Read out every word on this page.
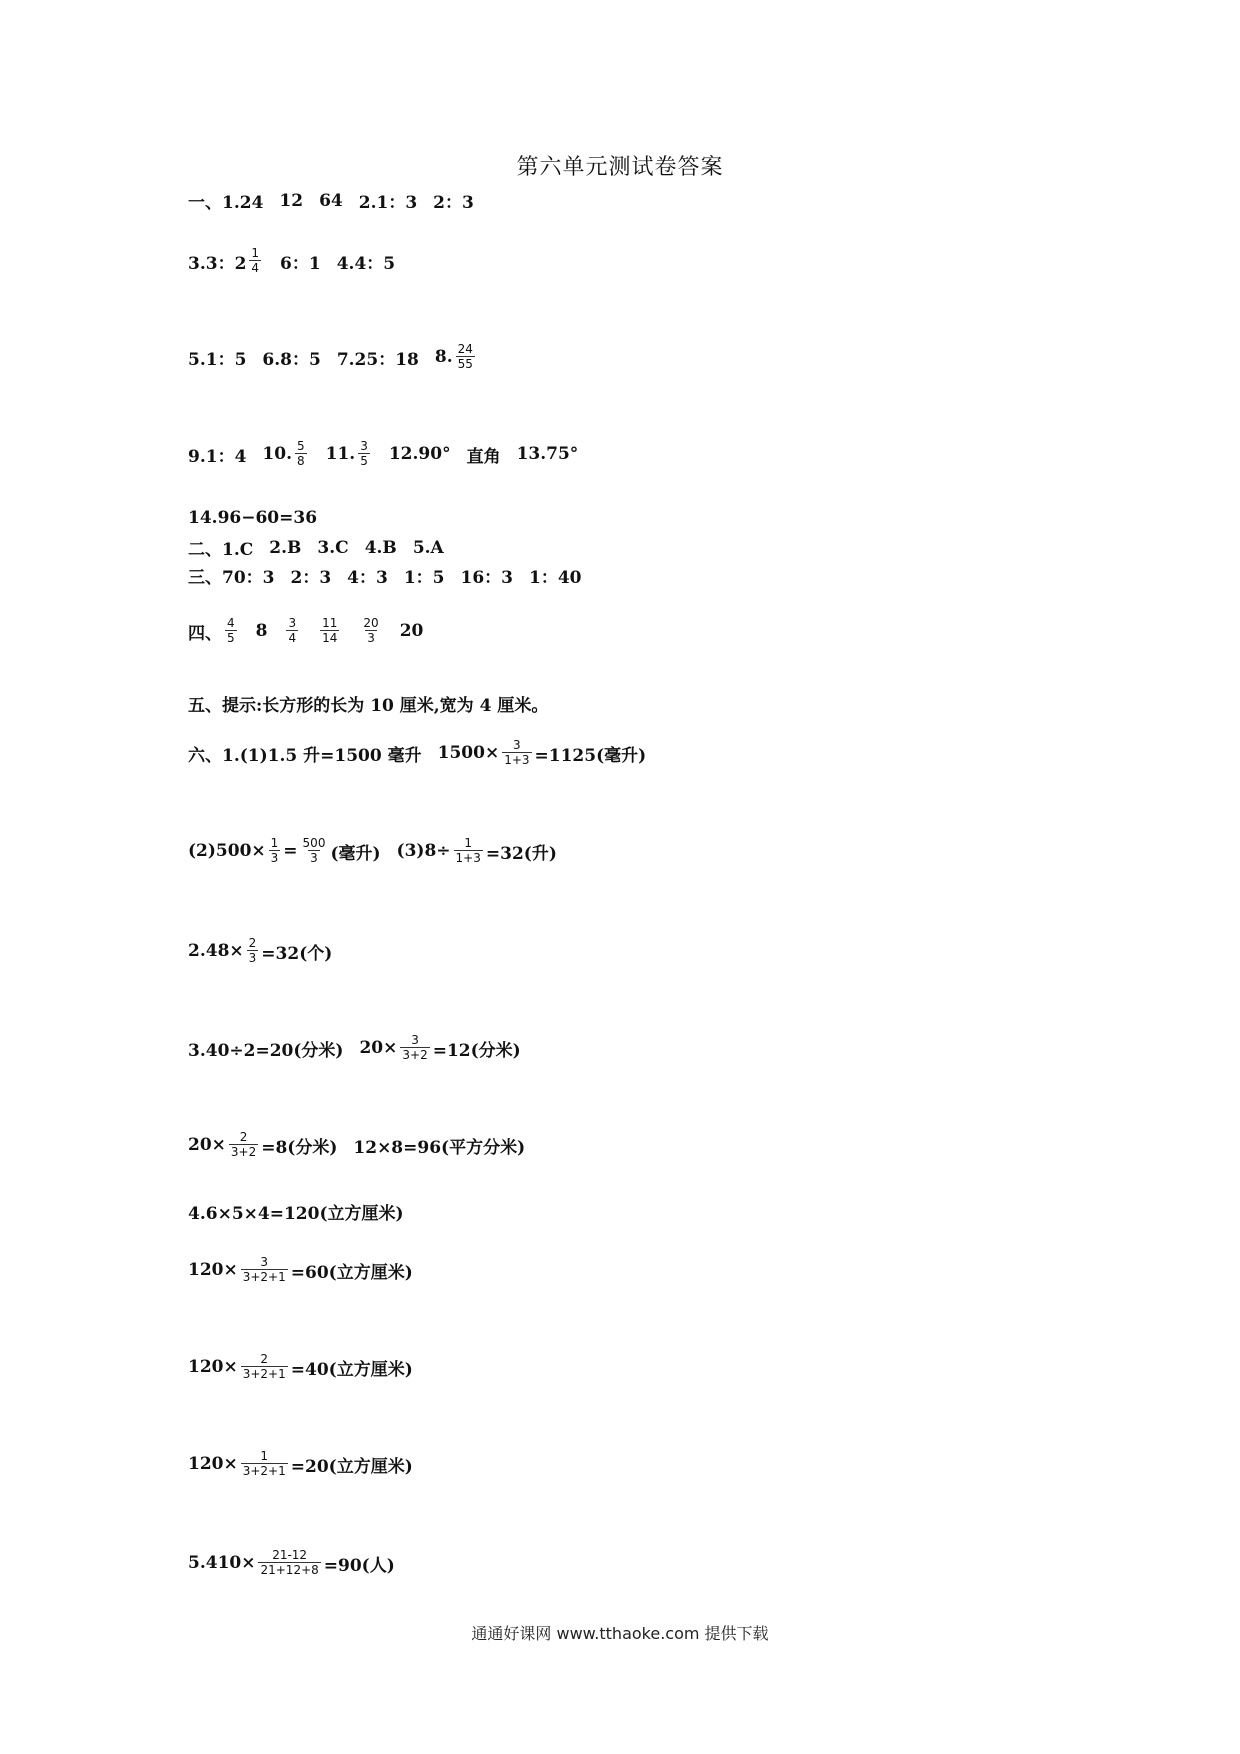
第六单元测试卷答案
一、1.24 12 64 2.1：3 2：3
3.3：$2 \frac{1}{4} 6$：1 4.4：5
5.1：5 6.8：5 7.25：18 8. $\frac{24}{55}$
9.1：4 10. $\frac{5}{8} 11$. $\frac{3}{5} 12.90^\circ$ 直角 13.75°
14.96−60=36
二、1.C 2.B 3.C 4.B 5.A
三、70：3 2：3 4：3 1：5 16：3 1：40
四、 $\frac{4}{5} 8 \frac{3}{4} \frac{11}{14} \frac{20}{3} 20$
五、提示:长方形的长为 10 厘米,宽为 4 厘米。
六、1.(1)1.5 升=1500 毫升 $1500\times \frac{3}{1+3} =1125$(毫升)
$(2)500\times \frac{1}{3} = \frac{500}{3}$ (毫升) $(3)8\div \frac{1}{1+3} =32$(升)
$2.48\times \frac{2}{3} =32$(个)
3.40÷2=20(分米) $20\times \frac{3}{3+2} =12$(分米)
$20\times \frac{2}{3+2} =8$(分米) 12×8=96(平方分米)
4.6×5×4=120(立方厘米)
$120\times \frac{3}{3+2+1} =60$(立方厘米)
$120\times \frac{2}{3+2+1} =40$(立方厘米)
$120\times \frac{1}{3+2+1} =20$(立方厘米)
$5.410\times \frac{21-12}{21+12+8} =90$(人)
通通好课网 www.tthaoke.com 提供下载
